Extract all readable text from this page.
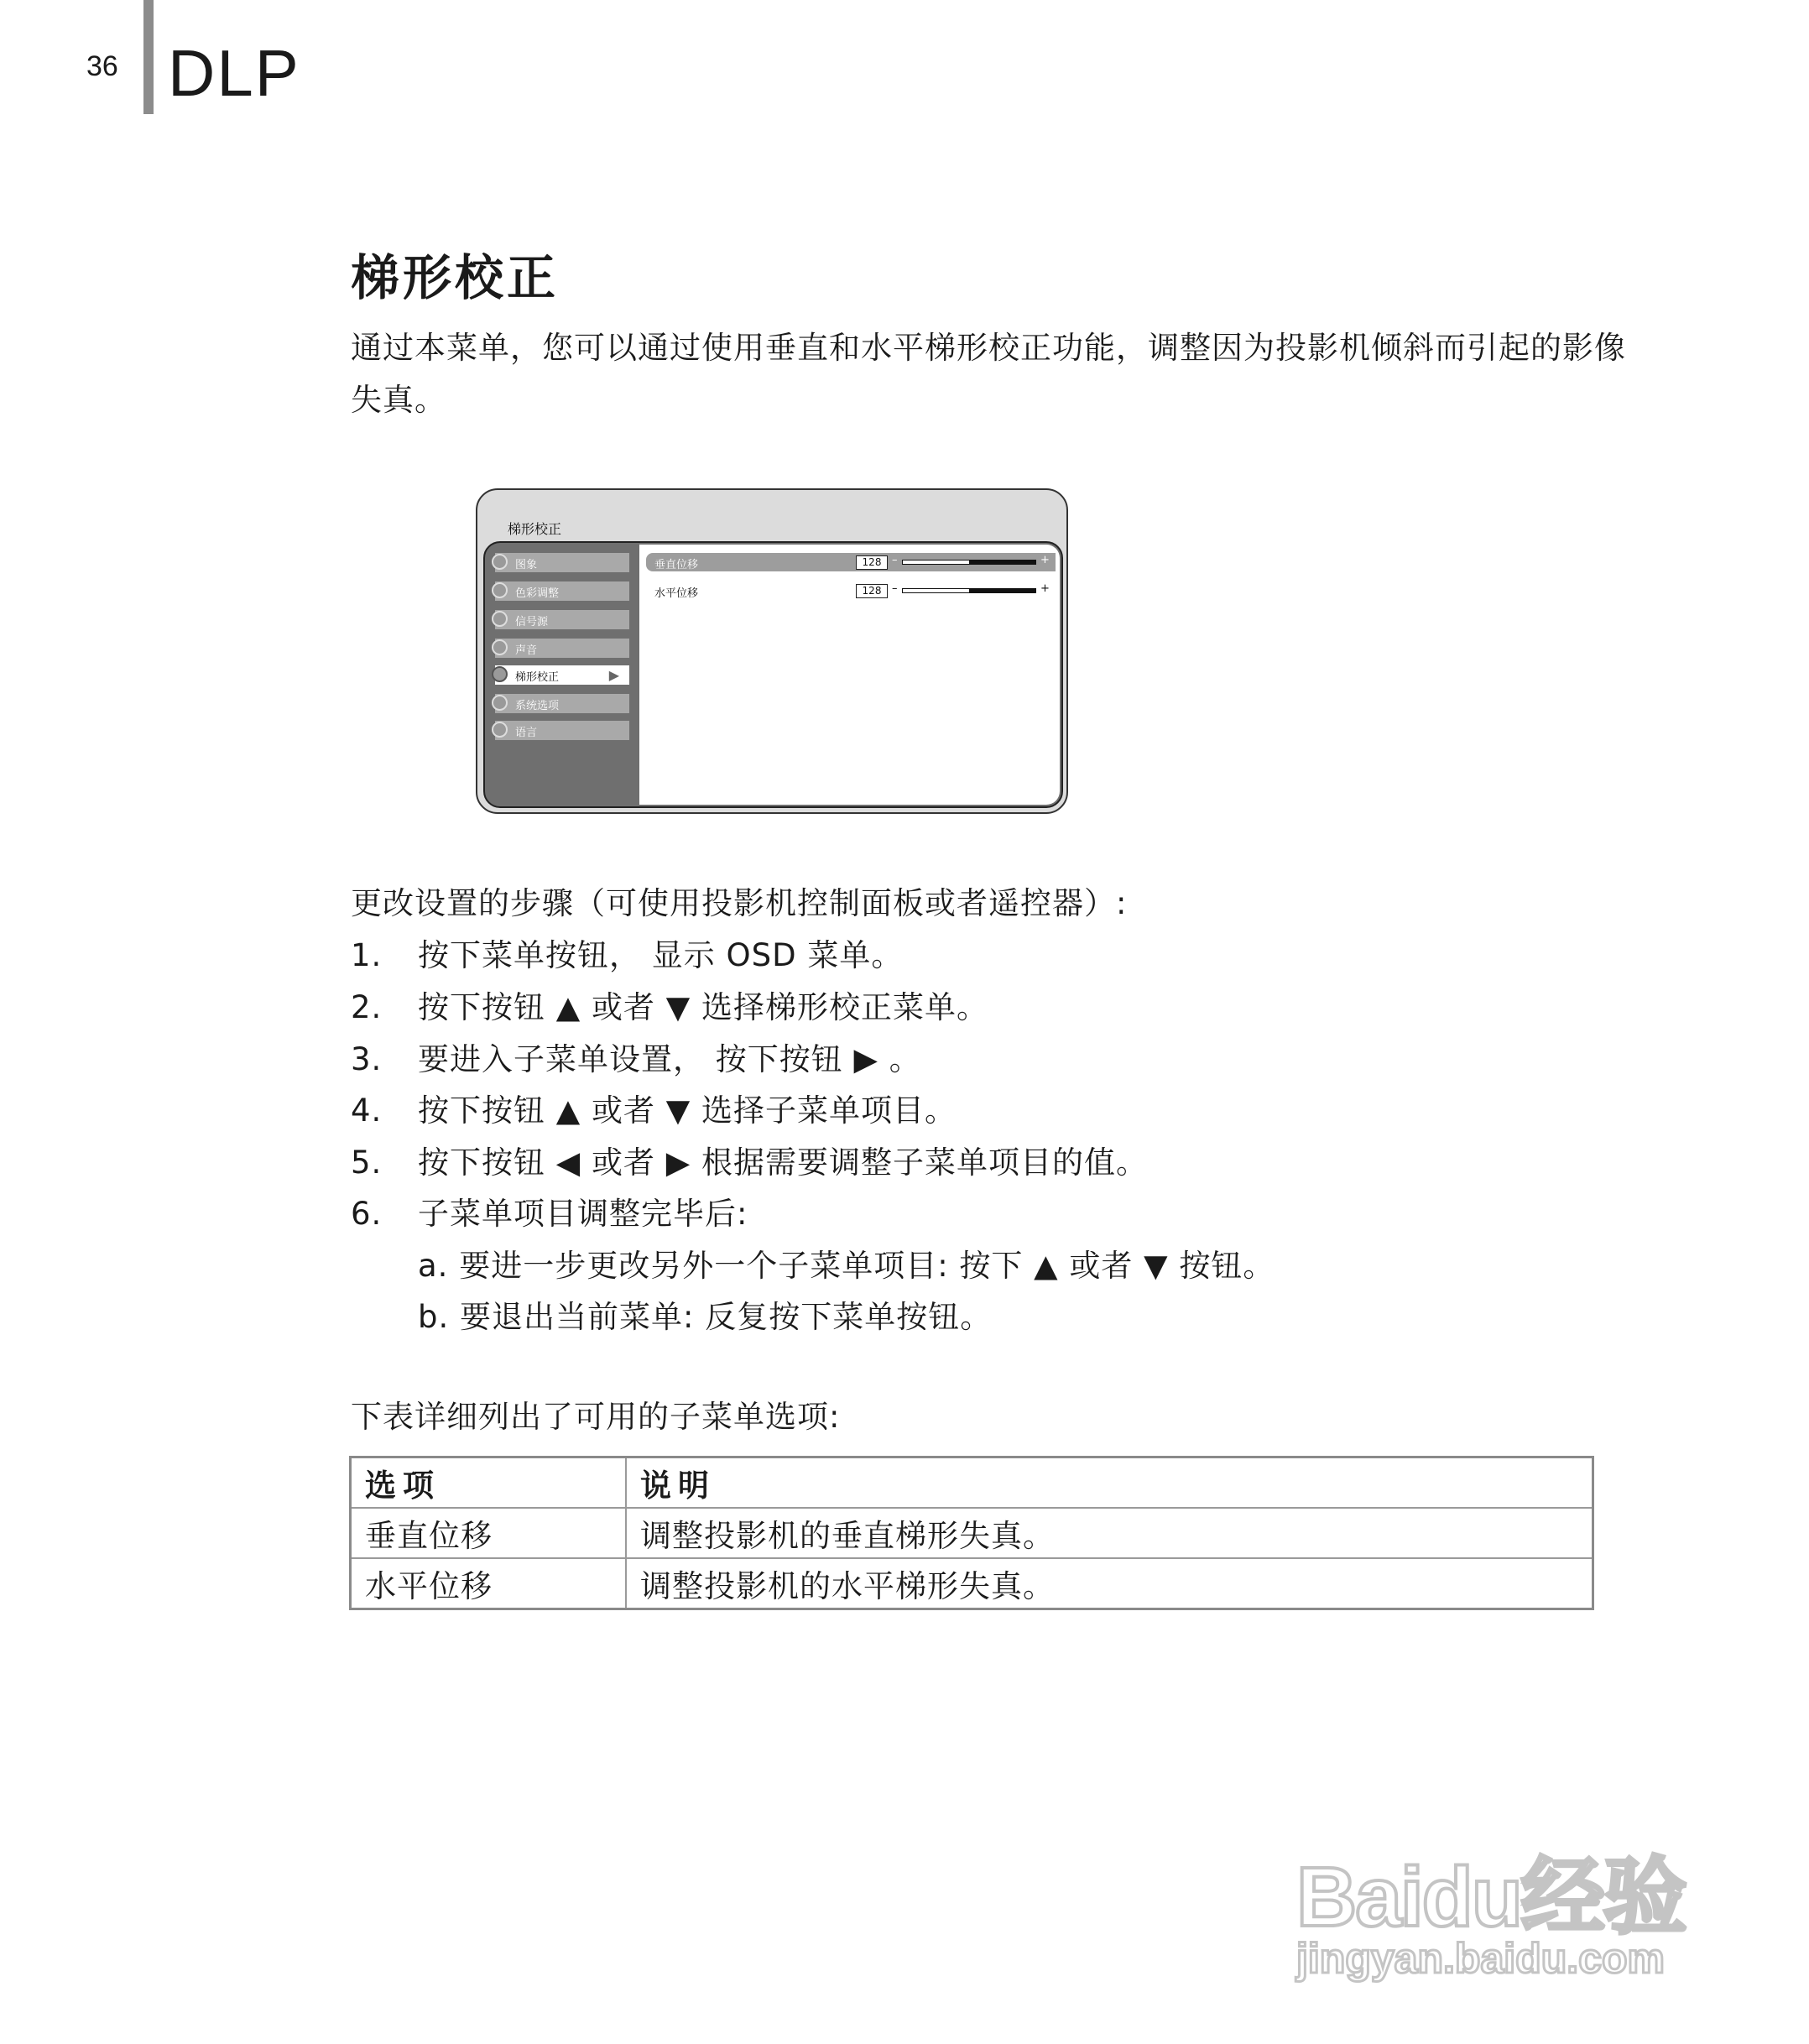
36 DLP
梯形校正
通过本菜单，您可以通过使用垂直和水平梯形校正功能，调整因为投影机倾斜而引起的影像失真。
梯形校正
垂直位移	128 –	+
水平位移	128 –	+
图象
色彩调整
信号源
声音
梯形校正	▶
系统选项
语言
更改设置的步骤（可使用投影机控制面板或者遥控器）:
1. 按下菜单按钮， 显示 OSD 菜单。
2. 按下按钮 ▲ 或者 ▼ 选择梯形校正菜单。
3. 要进入子菜单设置， 按下按钮 ▶ 。
4. 按下按钮 ▲ 或者 ▼ 选择子菜单项目。
5. 按下按钮 ◀ 或者 ▶ 根据需要调整子菜单项目的值。
6. 子菜单项目调整完毕后:
a. 要进一步更改另外一个子菜单项目: 按下 ▲ 或者 ▼ 按钮。
b. 要退出当前菜单: 反复按下菜单按钮。
下表详细列出了可用的子菜单选项:
选项	说明
垂直位移	调整投影机的垂直梯形失真。
水平位移	调整投影机的水平梯形失真。
Baidu经验
jingyan.baidu.com
